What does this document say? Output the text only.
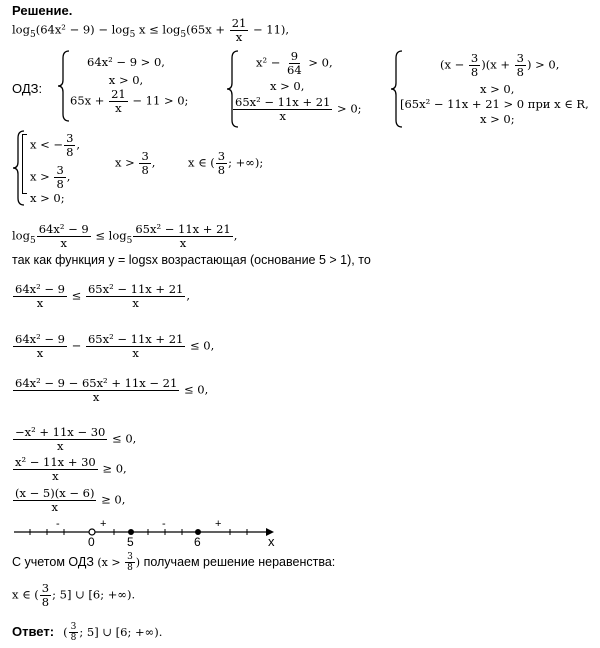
Решение.
$\log_5(64x^2 - 9) - \log_5 x \le \log_5(65x + \frac{21}{x} - 11)$,
ОДЗ:
64x² − 9 > 0,
x > 0,
$65x + \frac{21}{x} - 11 > 0$;
$x^2 - \frac{9}{64} > 0$,
x > 0,
$\frac{\text{65x² − 11x + 21}}{x} > 0$;
$(x - \frac{3}{8} )(x + \frac{3}{8}$ ) > 0,
x > 0,
[65x² − 11x + 21 > 0 при x ∈ R,
x > 0;
x < − $\frac{3}{8}$ ,
$x > \frac{3}{8}$ ,
x > 0;
$x > \frac{3}{8}$ ,	x ∈ ( $\frac{3}{8}$ ; +∞);
$\log_5 \frac{\text{64x² − 9}}{x} \le \log_5 \frac{\text{65x² − 11x + 21}}{x}$ ,
так как функция y = logsx возрастающая (основание 5 > 1), то
$\frac{\text{64x² − 9}}{x} \le \frac{\text{65x² − 11x + 21}}{x}$ ,
$\frac{\text{64x² − 9}}{x} - \frac{\text{65x² − 11x + 21}}{x} \le 0$,
$\frac{\text{64x² − 9 − 65x² + 11x − 21}}{x} \le 0$,
$\frac{\text{−x² + 11x − 30}}{x} \le 0$,
$\frac{\text{x² − 11x + 30}}{x} \ge 0$,
$\frac{(x - 5)(x - 6)}{x} \ge 0$,
-	+	-	+
0	5	6	x
С учетом ОДЗ ($x > \frac{3}{8}$ ) получаем решение неравенства:
x ∈ ( $\frac{3}{8}$ ; 5] ∪ [6; +∞).
Ответ: ( $\frac{3}{8}$ ; 5] ∪ [6; +∞).
